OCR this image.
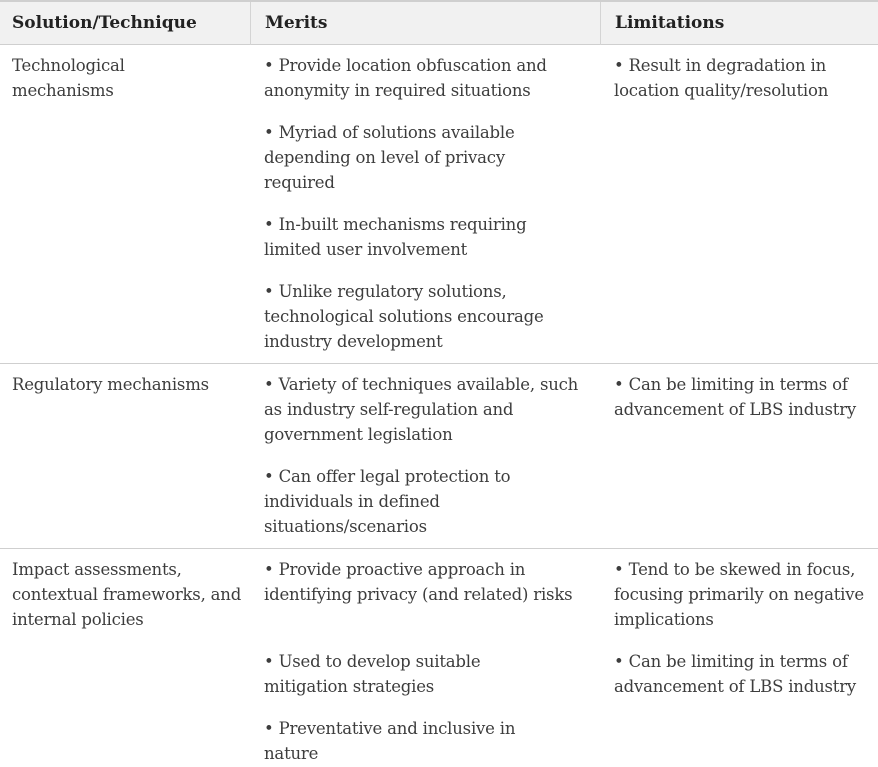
Solution/Technique	Merits	Limitations
Technological mechanisms
• Provide location obfuscation and anonymity in required situations
• Myriad of solutions available depending on level of privacy required
• In-built mechanisms requiring limited user involvement
• Unlike regulatory solutions, technological solutions encourage industry development
• Result in degradation in location quality/resolution
Regulatory mechanisms
•	Variety of techniques available, such as industry self-regulation and government legislation
• Can offer legal protection to individuals in defined situations/scenarios
• Can be limiting in terms of advancement of LBS industry
Impact assessments, contextual frameworks, and internal policies
• Provide proactive approach in identifying privacy (and related) risks
• Used to develop suitable mitigation strategies
• Preventative and inclusive in nature
• Tend to be skewed in focus, focusing primarily on negative implications
• Can be limiting in terms of advancement of LBS industry
